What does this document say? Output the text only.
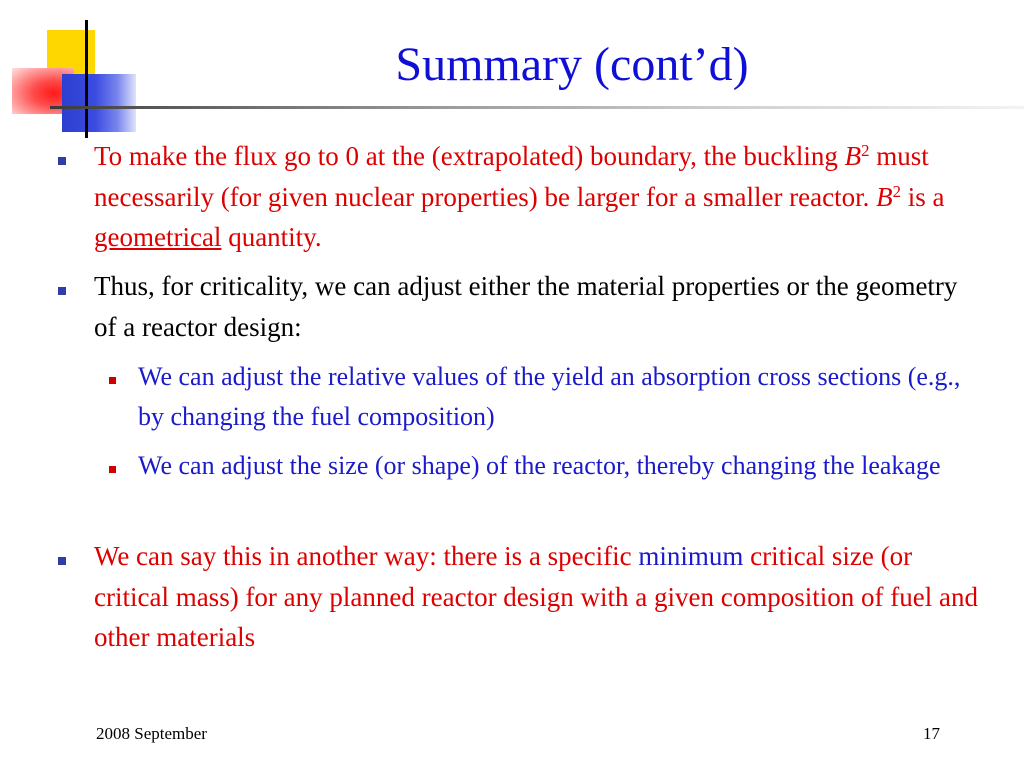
Summary (cont’d)
To make the flux go to 0 at the (extrapolated) boundary, the buckling $B^2$ must necessarily (for given nuclear properties) be larger for a smaller reactor. $B^2$ is a geometrical quantity.
Thus, for criticality, we can adjust either the material properties or the geometry of a reactor design:
We can adjust the relative values of the yield an absorption cross sections (e.g., by changing the fuel composition)
We can adjust the size (or shape) of the reactor, thereby changing the leakage
We can say this in another way: there is a specific minimum critical size (or critical mass) for any planned reactor design with a given composition of fuel and other materials
2008 September	17
